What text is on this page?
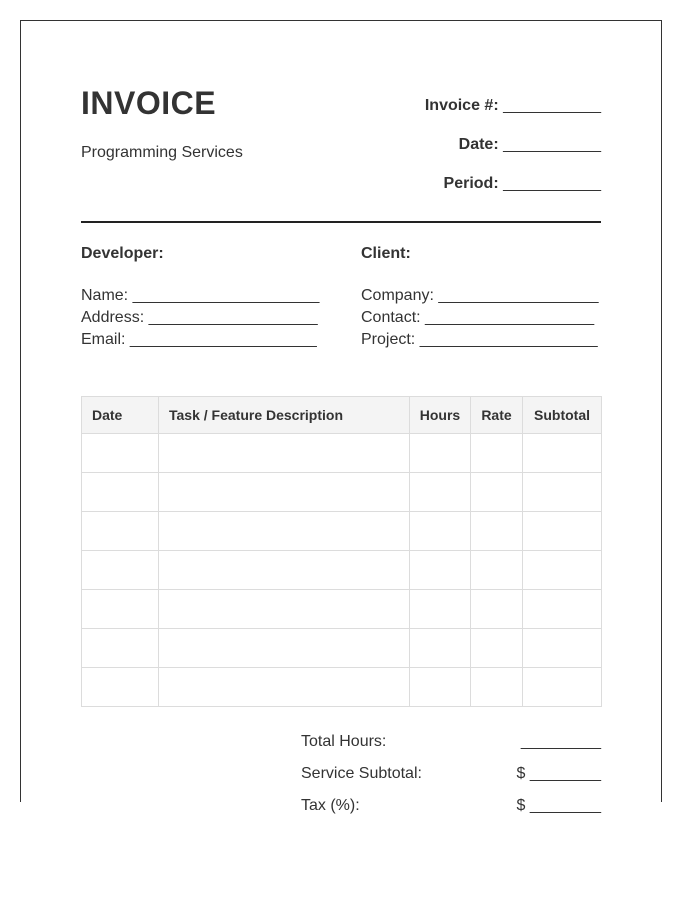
INVOICE
Programming Services
Invoice #: ___________
Date: ___________
Period: ___________
Developer:
Name: _____________________
Address: ___________________
Email: _____________________
Client:
Company: __________________
Contact: ___________________
Project: ____________________
Date	Task / Feature Description	Hours	Rate	Subtotal

Total Hours:	_________
Service Subtotal:	$ ________
Tax (%):	$ ________
